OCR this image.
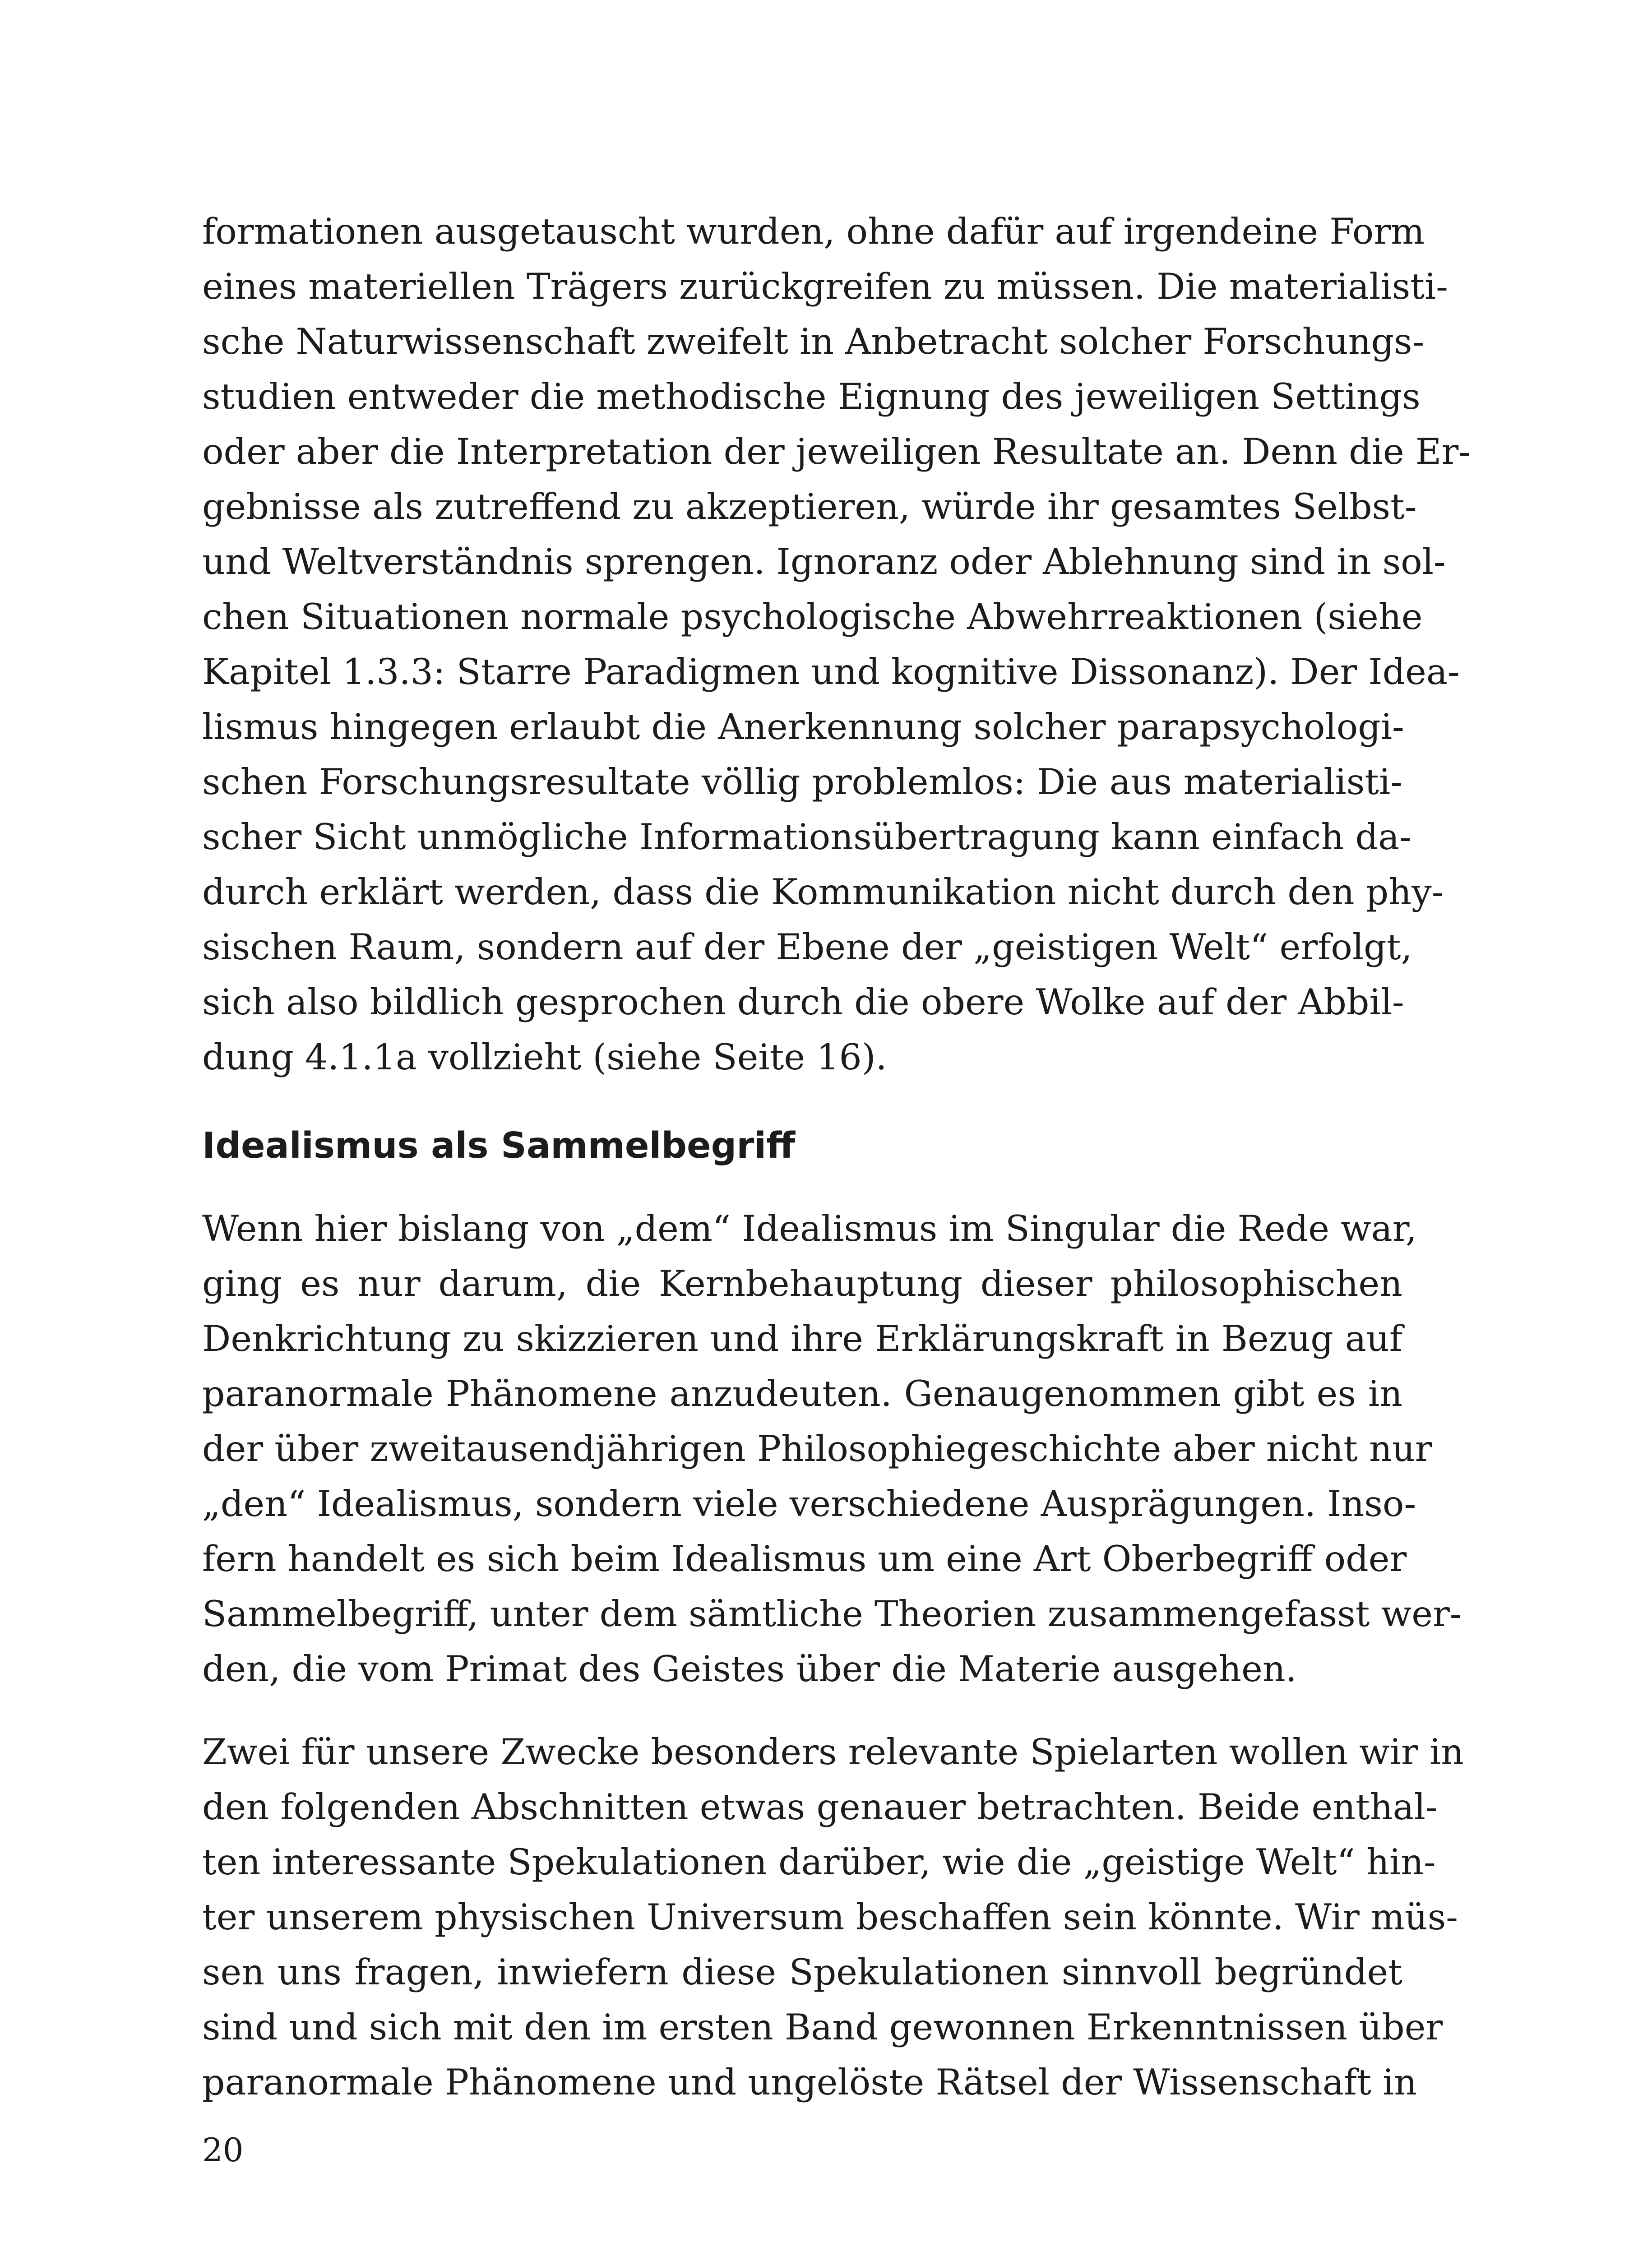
formationen ausgetauscht wurden, ohne dafür auf irgendeine Form
eines materiellen Trägers zurückgreifen zu müssen. Die materialisti-
sche Naturwissenschaft zweifelt in Anbetracht solcher Forschungs-
studien entweder die methodische Eignung des jeweiligen Settings
oder aber die Interpretation der jeweiligen Resultate an. Denn die Er-
gebnisse als zutreffend zu akzeptieren, würde ihr gesamtes Selbst-
und Weltverständnis sprengen. Ignoranz oder Ablehnung sind in sol-
chen Situationen normale psychologische Abwehrreaktionen (siehe
Kapitel 1.3.3: Starre Paradigmen und kognitive Dissonanz). Der Idea-
lismus hingegen erlaubt die Anerkennung solcher parapsychologi-
schen Forschungsresultate völlig problemlos: Die aus materialisti-
scher Sicht unmögliche Informationsübertragung kann einfach da-
durch erklärt werden, dass die Kommunikation nicht durch den phy-
sischen Raum, sondern auf der Ebene der „geistigen Welt“ erfolgt,
sich also bildlich gesprochen durch die obere Wolke auf der Abbil-
dung 4.1.1a vollzieht (siehe Seite 16).
Idealismus als Sammelbegriff
Wenn hier bislang von „dem“ Idealismus im Singular die Rede war,
ging es nur darum, die Kernbehauptung dieser philosophischen
Denkrichtung zu skizzieren und ihre Erklärungskraft in Bezug auf
paranormale Phänomene anzudeuten. Genaugenommen gibt es in
der über zweitausendjährigen Philosophiegeschichte aber nicht nur
„den“ Idealismus, sondern viele verschiedene Ausprägungen. Inso-
fern handelt es sich beim Idealismus um eine Art Oberbegriff oder
Sammelbegriff, unter dem sämtliche Theorien zusammengefasst wer-
den, die vom Primat des Geistes über die Materie ausgehen.
Zwei für unsere Zwecke besonders relevante Spielarten wollen wir in
den folgenden Abschnitten etwas genauer betrachten. Beide enthal-
ten interessante Spekulationen darüber, wie die „geistige Welt“ hin-
ter unserem physischen Universum beschaffen sein könnte. Wir müs-
sen uns fragen, inwiefern diese Spekulationen sinnvoll begründet
sind und sich mit den im ersten Band gewonnen Erkenntnissen über
paranormale Phänomene und ungelöste Rätsel der Wissenschaft in
20
